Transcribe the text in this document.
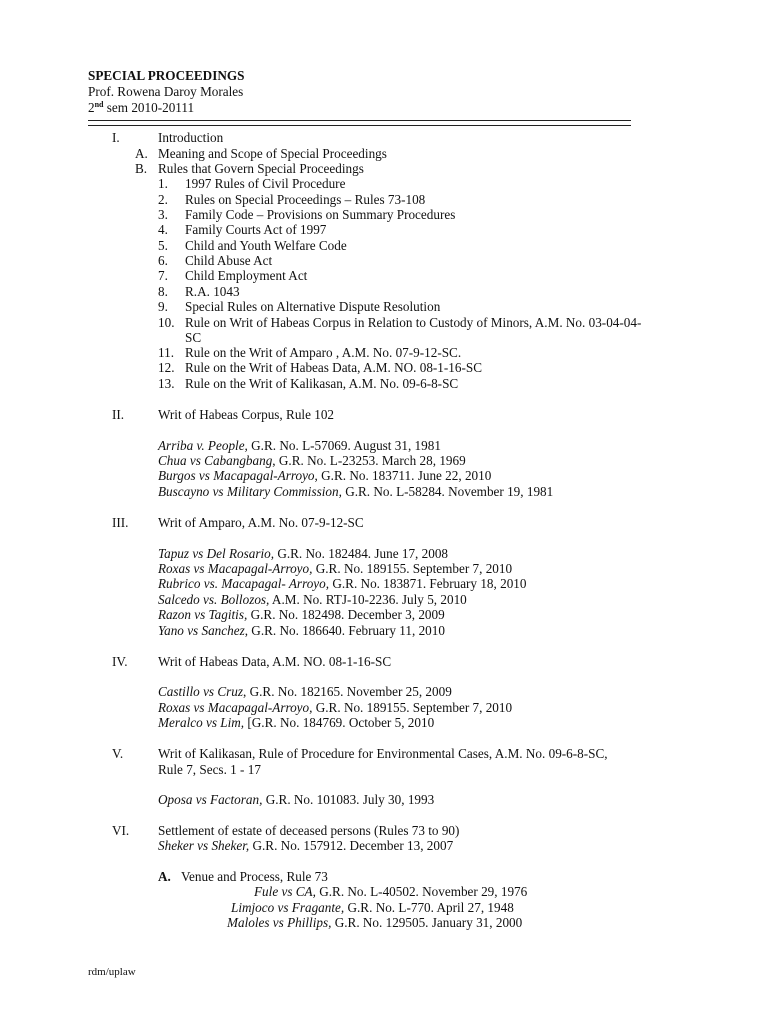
SPECIAL PROCEEDINGS
Prof. Rowena Daroy Morales
2nd sem 2010-20111
I.	Introduction
A. Meaning and Scope of Special Proceedings
B. Rules that Govern Special Proceedings
1. 1997 Rules of Civil Procedure
2. Rules on Special Proceedings – Rules 73-108
3. Family Code – Provisions on Summary Procedures
4. Family Courts Act of 1997
5. Child and Youth Welfare Code
6. Child Abuse Act
7. Child Employment Act
8. R.A. 1043
9. Special Rules on Alternative Dispute Resolution
10. Rule on Writ of Habeas Corpus in Relation to Custody of Minors, A.M. No. 03-04-04-
SC
11. Rule on the Writ of Amparo , A.M. No. 07-9-12-SC.
12. Rule on the Writ of Habeas Data, A.M. NO. 08-1-16-SC
13. Rule on the Writ of Kalikasan, A.M. No. 09-6-8-SC
II.	Writ of Habeas Corpus, Rule 102
Arriba v. People, G.R. No. L-57069. August 31, 1981
Chua vs Cabangbang, G.R. No. L-23253. March 28, 1969
Burgos vs Macapagal-Arroyo, G.R. No. 183711. June 22, 2010
Buscayno vs Military Commission, G.R. No. L-58284. November 19, 1981
III. Writ of Amparo, A.M. No. 07-9-12-SC
Tapuz vs Del Rosario, G.R. No. 182484. June 17, 2008
Roxas vs Macapagal-Arroyo, G.R. No. 189155. September 7, 2010
Rubrico vs. Macapagal- Arroyo, G.R. No. 183871. February 18, 2010
Salcedo vs. Bollozos, A.M. No. RTJ-10-2236. July 5, 2010
Razon vs Tagitis, G.R. No. 182498. December 3, 2009
Yano vs Sanchez, G.R. No. 186640. February 11, 2010
IV. Writ of Habeas Data, A.M. NO. 08-1-16-SC
Castillo vs Cruz, G.R. No. 182165. November 25, 2009
Roxas vs Macapagal-Arroyo, G.R. No. 189155. September 7, 2010
Meralco vs Lim, [G.R. No. 184769. October 5, 2010
V.	Writ of Kalikasan, Rule of Procedure for Environmental Cases, A.M. No. 09-6-8-SC,
Rule 7, Secs. 1 - 17
Oposa vs Factoran, G.R. No. 101083. July 30, 1993
VI. Settlement of estate of deceased persons (Rules 73 to 90)
Sheker vs Sheker, G.R. No. 157912. December 13, 2007
A. Venue and Process, Rule 73
Fule vs CA, G.R. No. L-40502. November 29, 1976
Limjoco vs Fragante, G.R. No. L-770. April 27, 1948
Maloles vs Phillips, G.R. No. 129505. January 31, 2000
rdm/uplaw
